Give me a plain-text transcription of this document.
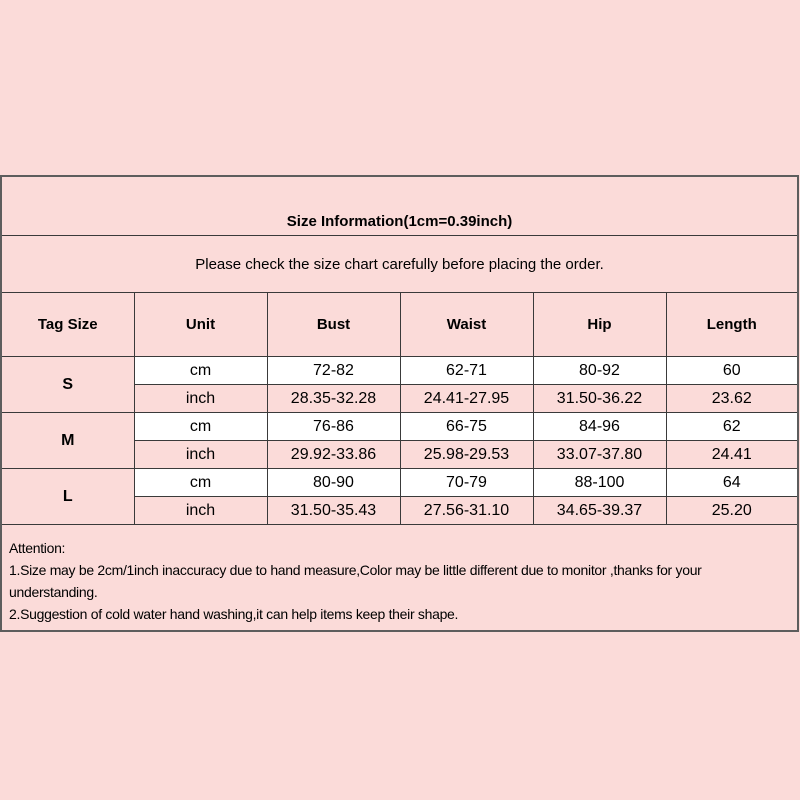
Size Information(1cm=0.39inch)					
Please check the size chart carefully before placing the order.					
Tag Size	Unit	Bust	Waist	Hip	Length
S	cm	72-82	62-71	80-92	60
	inch	28.35-32.28	24.41-27.95	31.50-36.22	23.62
M	cm	76-86	66-75	84-96	62
	inch	29.92-33.86	25.98-29.53	33.07-37.80	24.41
L	cm	80-90	70-79	88-100	64
	inch	31.50-35.43	27.56-31.10	34.65-39.37	25.20

Attention:
1.Size may be 2cm/1inch inaccuracy due to hand measure,Color may be little different due to monitor ,thanks for your
understanding.
2.Suggestion of cold water hand washing,it can help items keep their shape.					
